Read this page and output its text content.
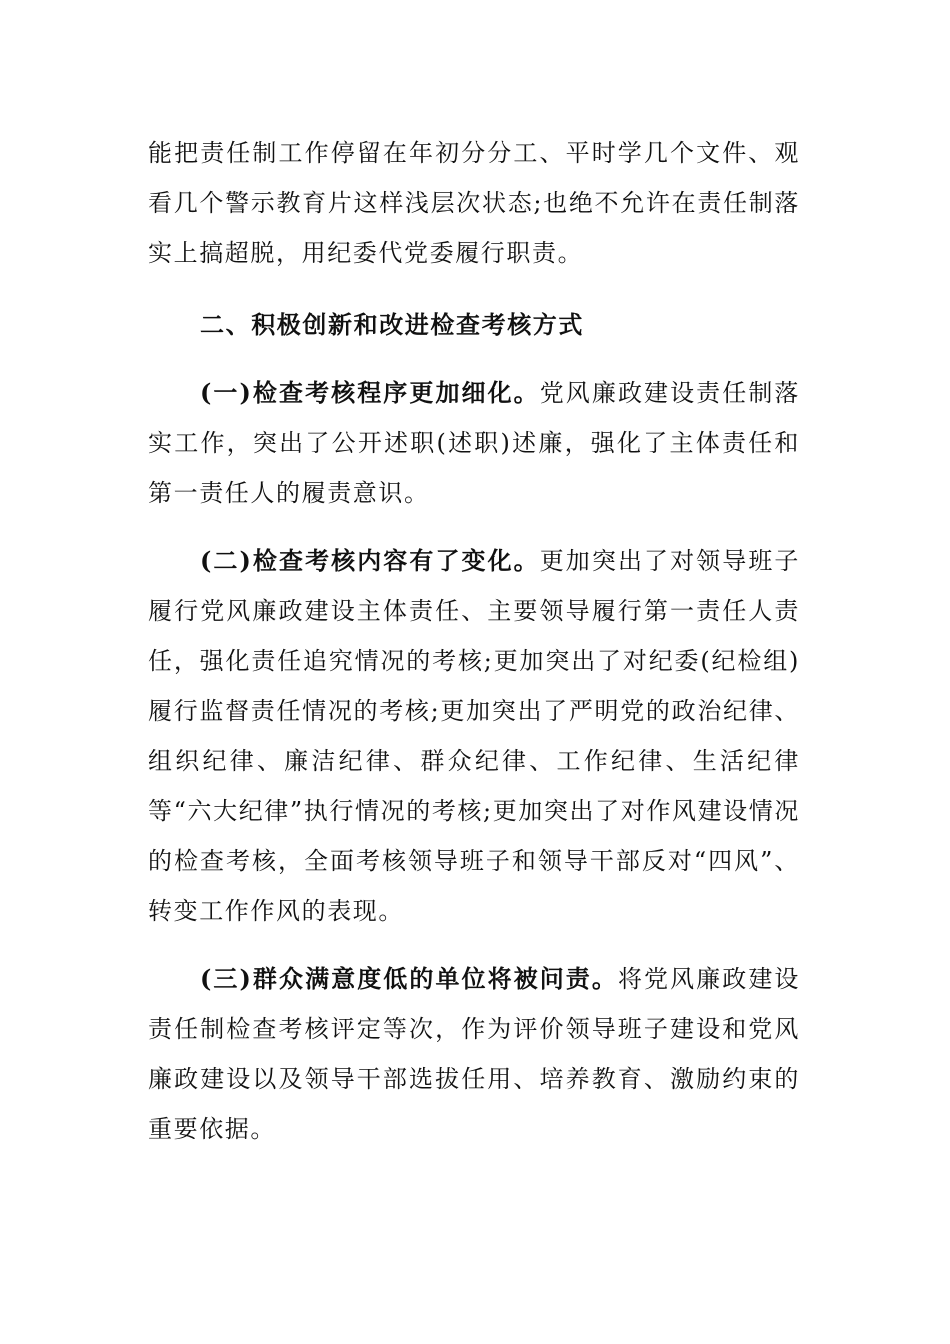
能把责任制工作停留在年初分分工、平时学几个文件、观看几个警示教育片这样浅层次状态;也绝不允许在责任制落实上搞超脱，用纪委代党委履行职责。

二、积极创新和改进检查考核方式

(一)检查考核程序更加细化。党风廉政建设责任制落实工作，突出了公开述职(述职)述廉，强化了主体责任和第一责任人的履责意识。

(二)检查考核内容有了变化。更加突出了对领导班子履行党风廉政建设主体责任、主要领导履行第一责任人责任，强化责任追究情况的考核;更加突出了对纪委(纪检组)履行监督责任情况的考核;更加突出了严明党的政治纪律、组织纪律、廉洁纪律、群众纪律、工作纪律、生活纪律等“六大纪律”执行情况的考核;更加突出了对作风建设情况的检查考核，全面考核领导班子和领导干部反对“四风”、转变工作作风的表现。

(三)群众满意度低的单位将被问责。将党风廉政建设责任制检查考核评定等次，作为评价领导班子建设和党风廉政建设以及领导干部选拔任用、培养教育、激励约束的重要依据。
